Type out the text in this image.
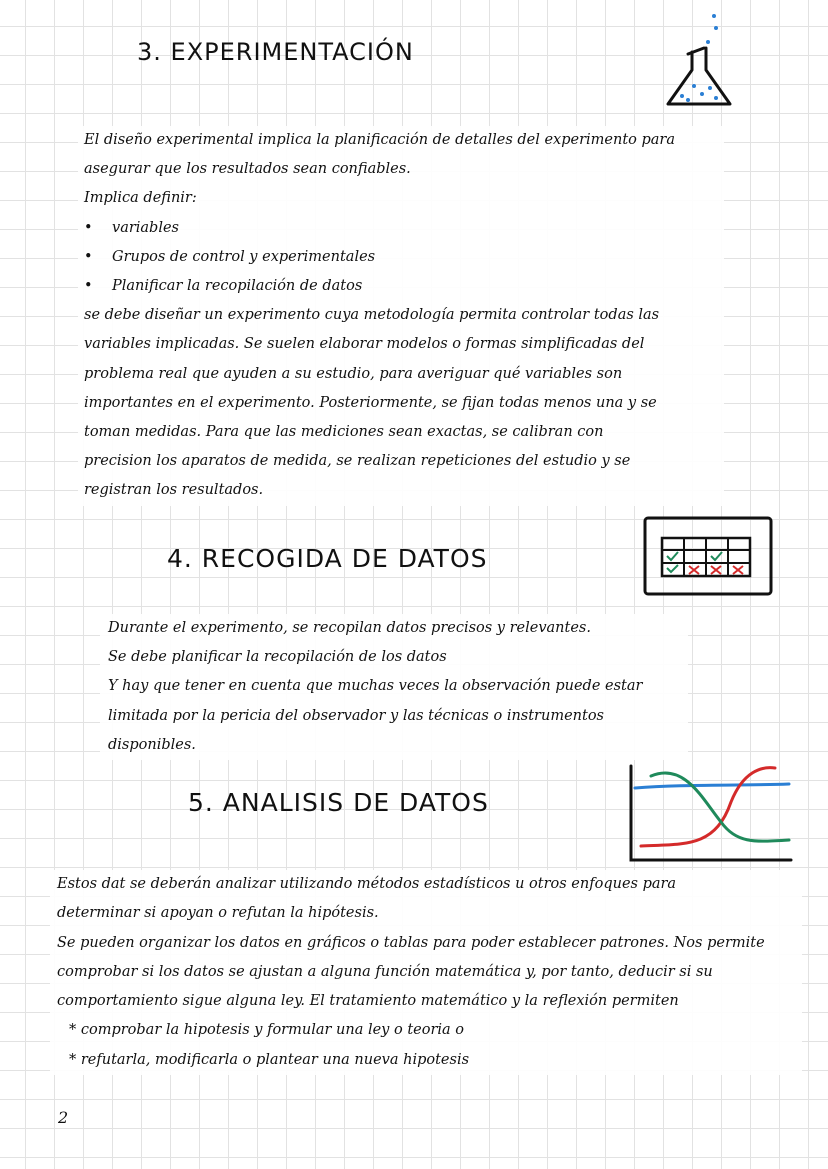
3. EXPERIMENTACIÓN

El diseño experimental implica la planificación de detalles del experimento para

asegurar que los resultados sean confiables.

Implica definir:

• variables

• Grupos de control y experimentales

• Planificar la recopilación de datos

se debe diseñar un experimento cuya metodología permita controlar todas las

variables implicadas. Se suelen elaborar modelos o formas simplificadas del

problema real que ayuden a su estudio, para averiguar qué variables son

importantes en el experimento. Posteriormente, se fijan todas menos una y se

toman medidas. Para que las mediciones sean exactas, se calibran con

precision los aparatos de medida, se realizan repeticiones del estudio y se

registran los resultados.

4. RECOGIDA DE DATOS

Durante el experimento, se recopilan datos precisos y relevantes.

Se debe planificar la recopilación de los datos

Y hay que tener en cuenta que muchas veces la observación puede estar

limitada por la pericia del observador y las técnicas o instrumentos

disponibles.

5. ANALISIS DE DATOS

Estos dat se deberán analizar utilizando métodos estadísticos u otros enfoques para

determinar si apoyan o refutan la hipótesis.

Se pueden organizar los datos en gráficos o tablas para poder establecer patrones. Nos permite

comprobar si los datos se ajustan a alguna función matemática y, por tanto, deducir si su

comportamiento sigue alguna ley. El tratamiento matemático y la reflexión permiten

* comprobar la hipotesis y formular una ley o teoria o

* refutarla, modificarla o plantear una nueva hipotesis

2
